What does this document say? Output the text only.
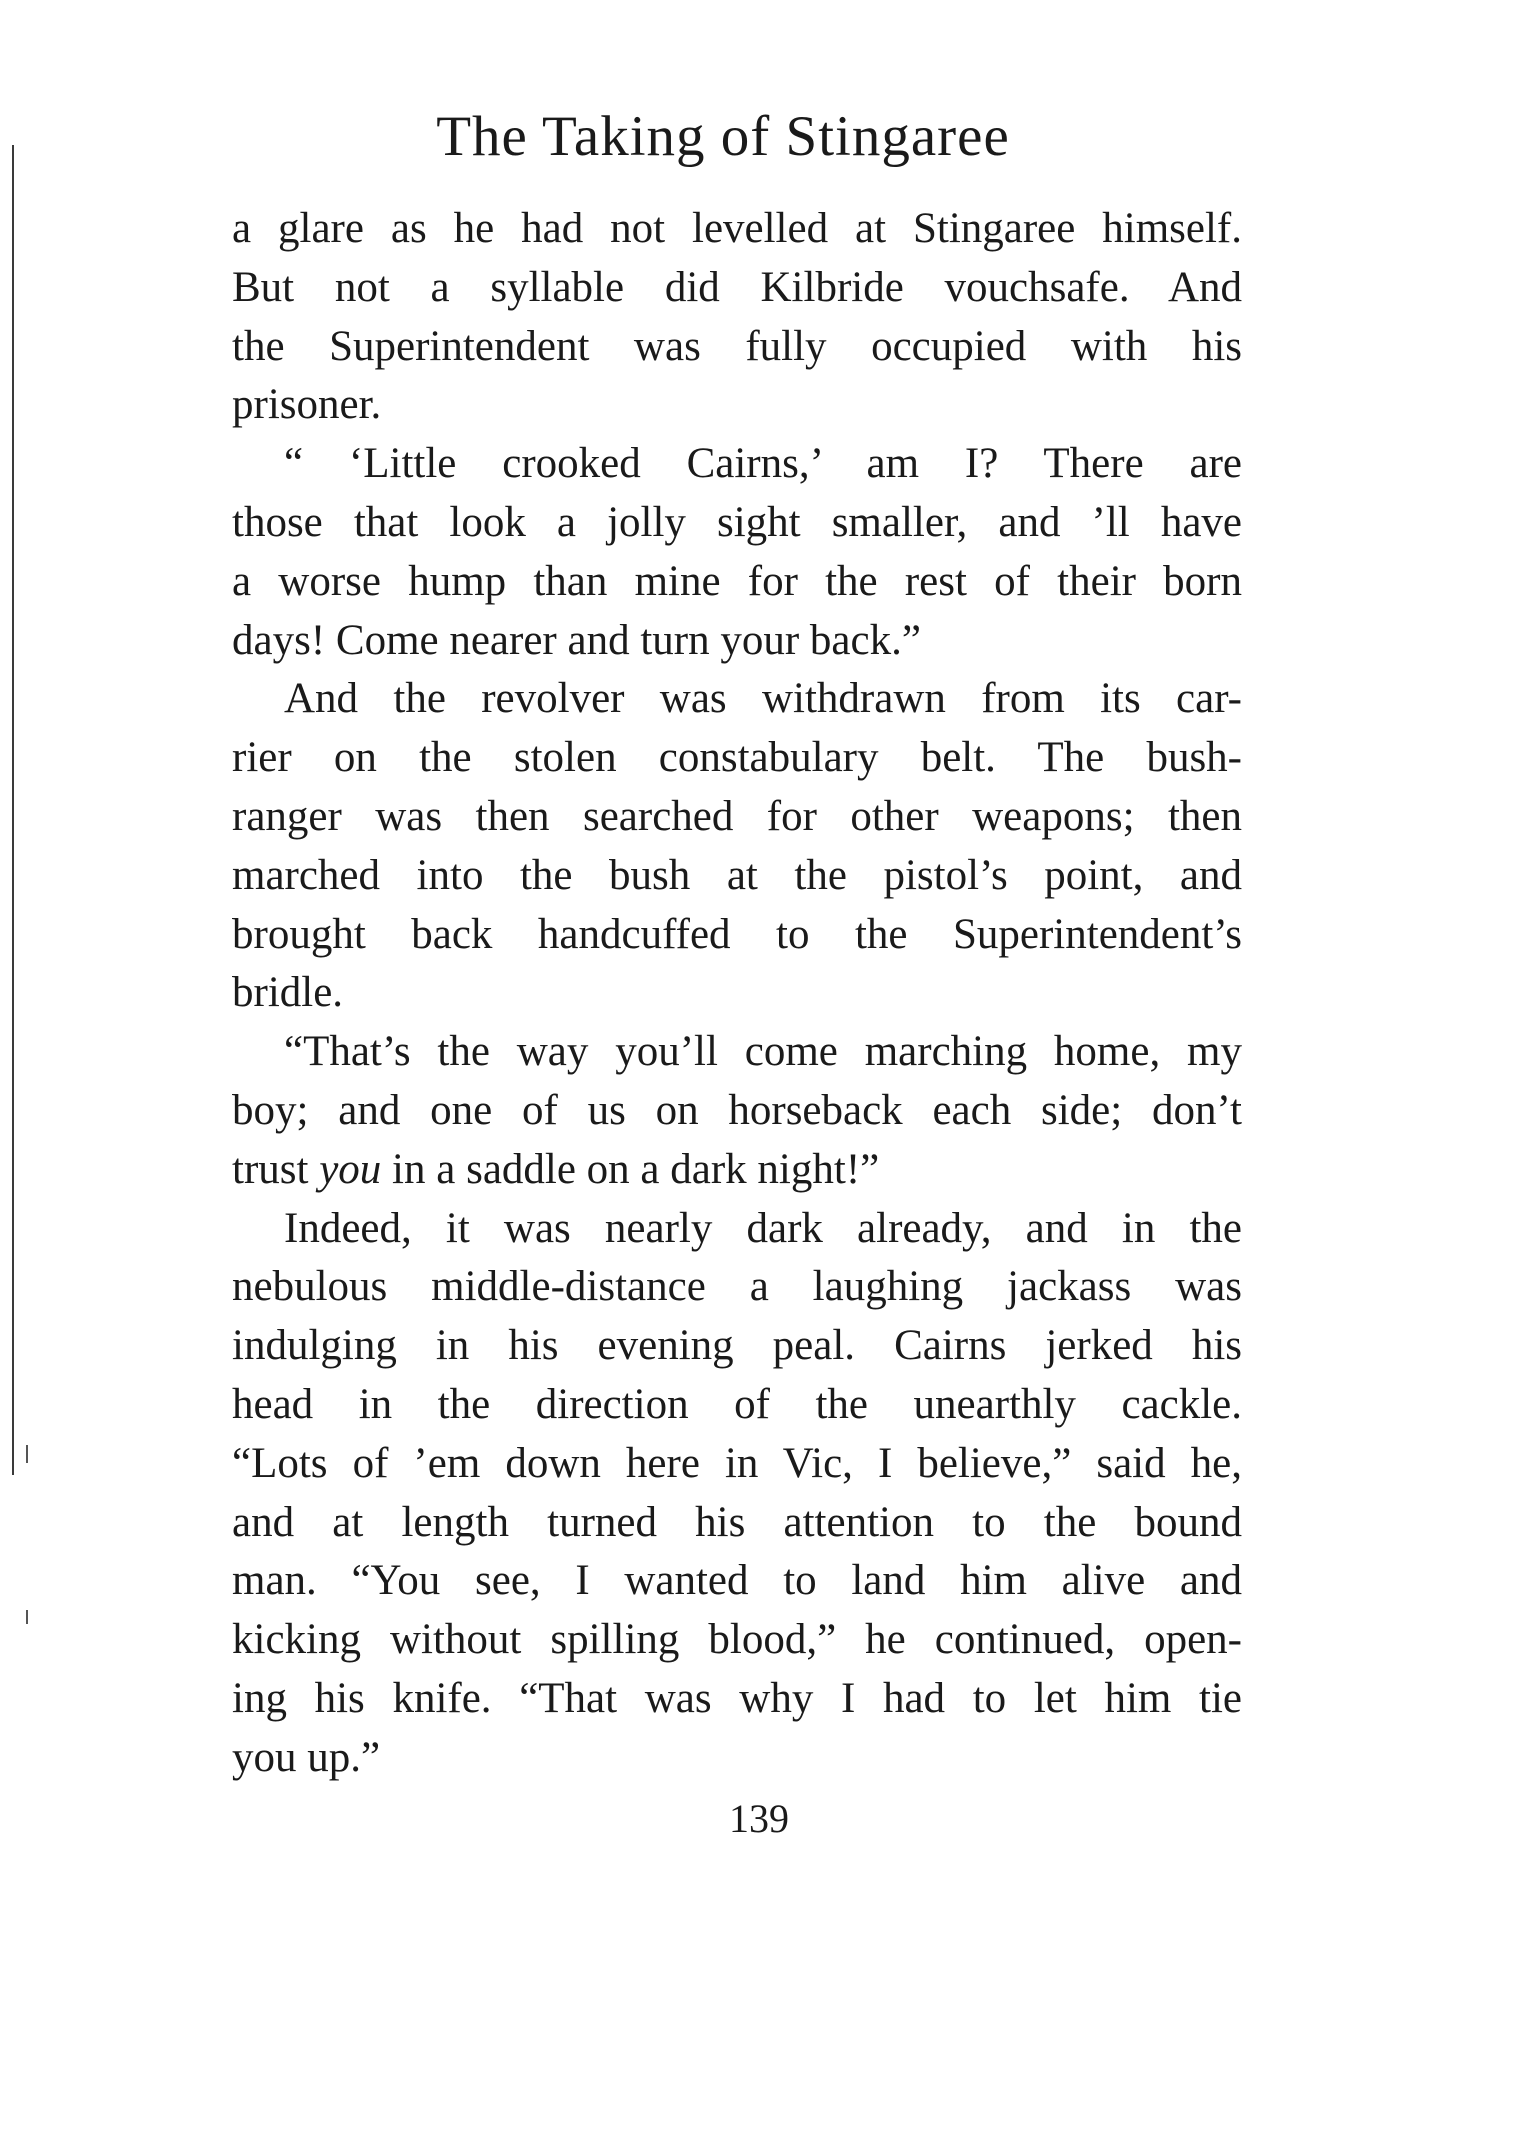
The Taking of Stingaree
a glare as he had not levelled at Stingaree himself.
But not a syllable did Kilbride vouchsafe. And
the Superintendent was fully occupied with his
prisoner.
“ ‘Little crooked Cairns,’ am I? There are
those that look a jolly sight smaller, and ’ll have
a worse hump than mine for the rest of their born
days! Come nearer and turn your back.”
And the revolver was withdrawn from its car-
rier on the stolen constabulary belt. The bush-
ranger was then searched for other weapons; then
marched into the bush at the pistol’s point, and
brought back handcuffed to the Superintendent’s
bridle.
“That’s the way you’ll come marching home, my
boy; and one of us on horseback each side; don’t
trust you in a saddle on a dark night!”
Indeed, it was nearly dark already, and in the
nebulous middle-distance a laughing jackass was
indulging in his evening peal. Cairns jerked his
head in the direction of the unearthly cackle.
“Lots of ’em down here in Vic, I believe,” said he,
and at length turned his attention to the bound
man. “You see, I wanted to land him alive and
kicking without spilling blood,” he continued, open-
ing his knife. “That was why I had to let him tie
you up.”
139
